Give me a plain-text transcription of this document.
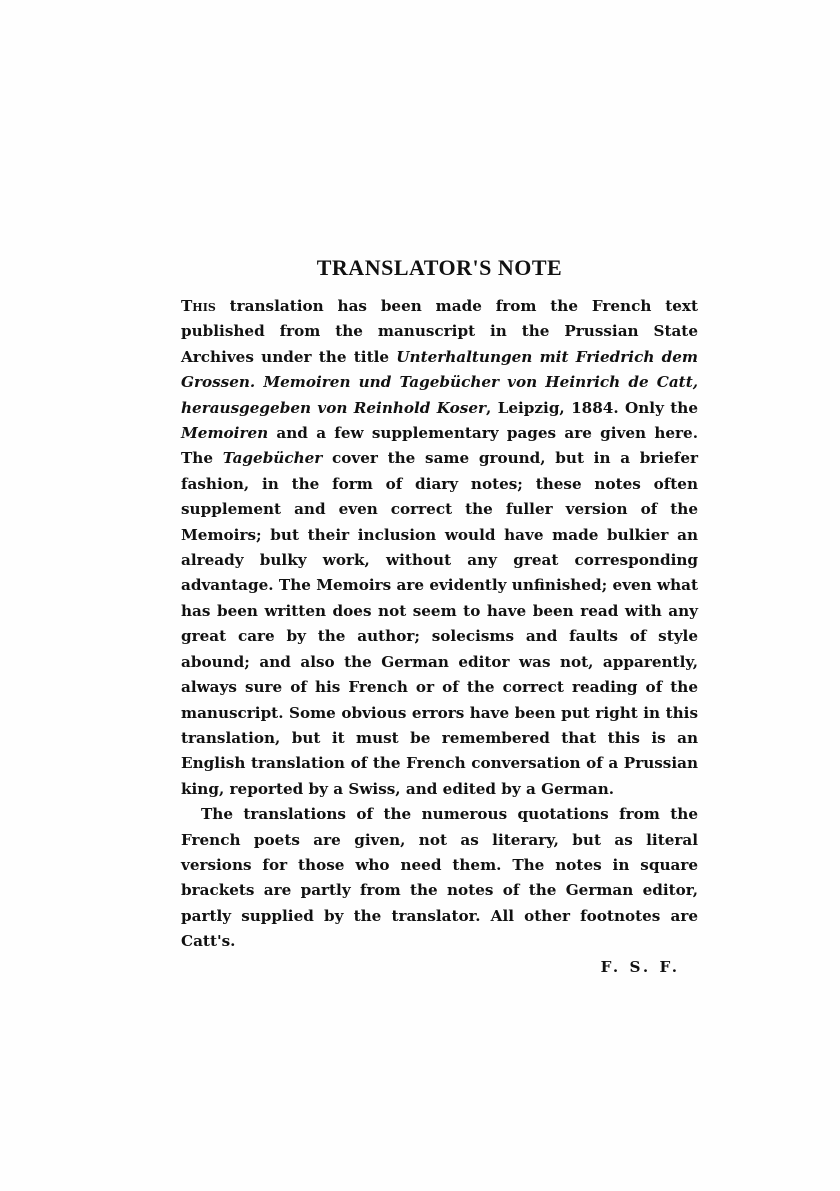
TRANSLATOR'S NOTE

This translation has been made from the French text published from the manuscript in the Prussian State Archives under the title Unterhaltungen mit Friedrich dem Grossen. Memoiren und Tagebücher von Heinrich de Catt, herausgegeben von Reinhold Koser, Leipzig, 1884. Only the Memoiren and a few supplementary pages are given here. The Tagebücher cover the same ground, but in a briefer fashion, in the form of diary notes; these notes often supplement and even correct the fuller version of the Memoirs; but their inclusion would have made bulkier an already bulky work, without any great corresponding advantage. The Memoirs are evidently unfinished; even what has been written does not seem to have been read with any great care by the author; solecisms and faults of style abound; and also the German editor was not, apparently, always sure of his French or of the correct reading of the manuscript. Some obvious errors have been put right in this translation, but it must be remembered that this is an English translation of the French conversation of a Prussian king, reported by a Swiss, and edited by a German.

The translations of the numerous quotations from the French poets are given, not as literary, but as literal versions for those who need them. The notes in square brackets are partly from the notes of the German editor, partly supplied by the translator. All other footnotes are Catt's.

F. S. F.
